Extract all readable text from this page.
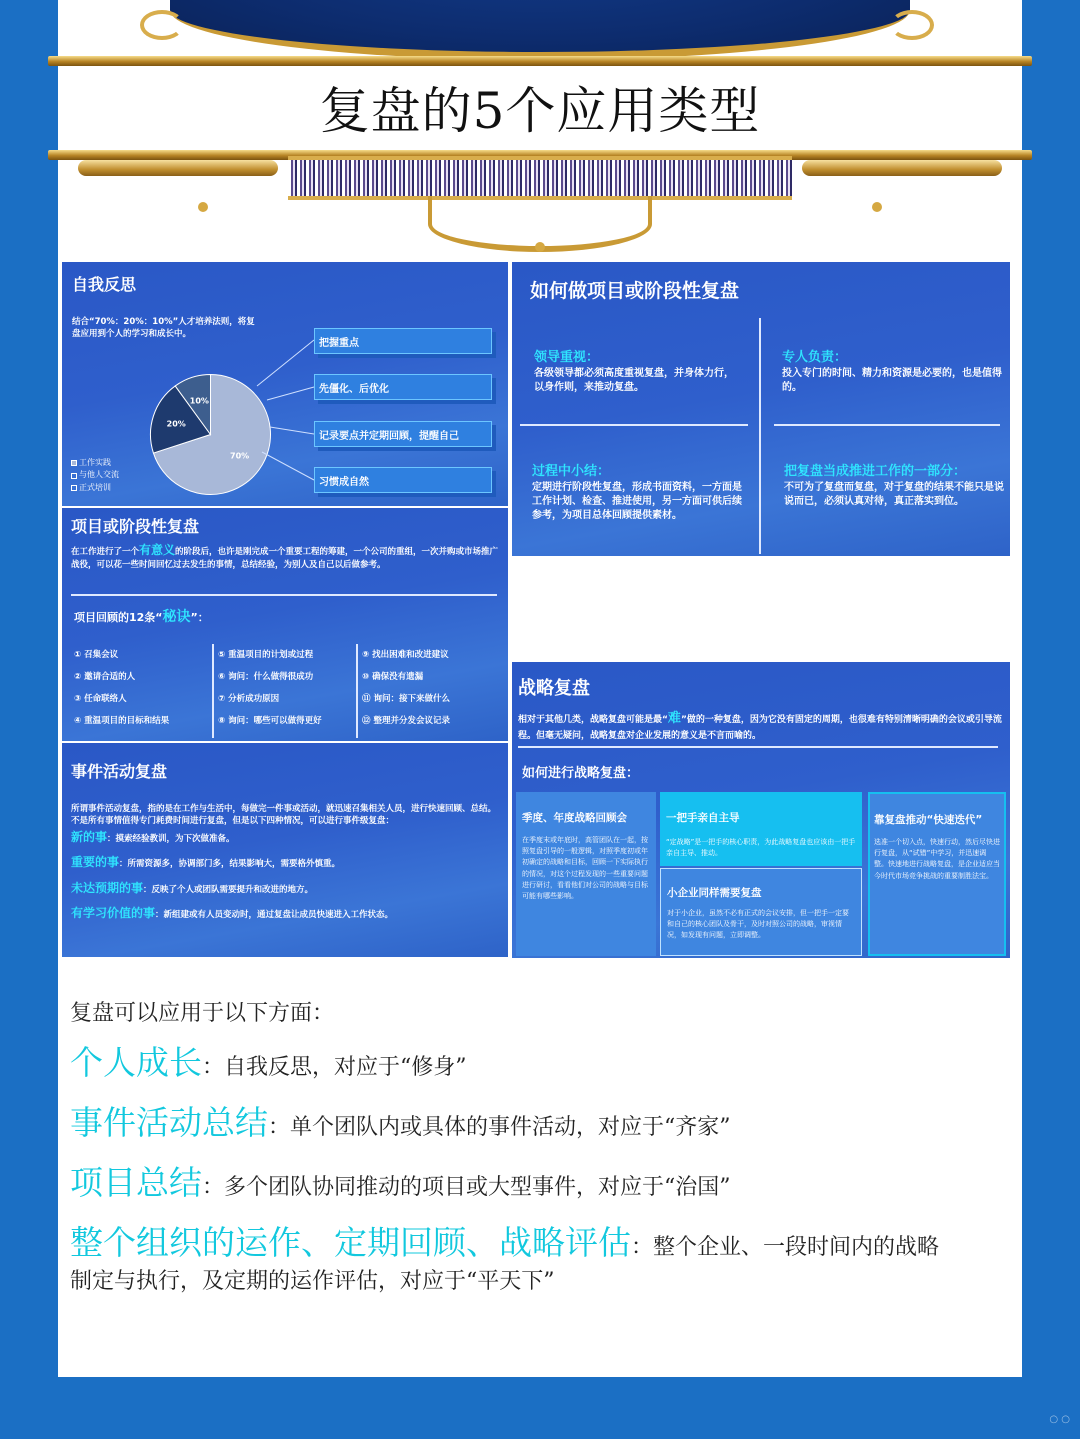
复盘的5个应用类型
自我反思
结合“70%：20%：10%”人才培养法则，将复盘应用到个人的学习和成长中。
70%
20%
10%
工作实践
与他人交流
正式培训
把握重点
先僵化、后优化
记录要点并定期回顾，提醒自己
习惯成自然
项目或阶段性复盘
在工作进行了一个有意义的阶段后，也许是刚完成一个重要工程的筹建，一个公司的重组，一次并购或市场推广战役，可以花一些时间回忆过去发生的事情，总结经验，为别人及自己以后做参考。
项目回顾的12条“秘诀”：
① 召集会议
② 邀请合适的人
③ 任命联络人
④ 重温项目的目标和结果
⑤ 重温项目的计划或过程
⑥ 询问：什么做得很成功
⑦ 分析成功原因
⑧ 询问：哪些可以做得更好
⑨ 找出困难和改进建议
⑩ 确保没有遗漏
⑪ 询问：接下来做什么
⑫ 整理并分发会议记录
事件活动复盘
所谓事件活动复盘，指的是在工作与生活中，每做完一件事或活动，就迅速召集相关人员，进行快速回顾、总结。不是所有事情值得专门耗费时间进行复盘，但是以下四种情况，可以进行事件级复盘：
新的事：摸索经验教训，为下次做准备。
重要的事：所需资源多，协调部门多，结果影响大，需要格外慎重。
未达预期的事：反映了个人或团队需要提升和改进的地方。
有学习价值的事：新组建或有人员变动时，通过复盘让成员快速进入工作状态。
如何做项目或阶段性复盘
领导重视：
各级领导都必须高度重视复盘，并身体力行，以身作则，来推动复盘。
专人负责：
投入专门的时间、精力和资源是必要的，也是值得的。
过程中小结：
定期进行阶段性复盘，形成书面资料，一方面是工作计划、检查、推进使用，另一方面可供后续参考，为项目总体回顾提供素材。
把复盘当成推进工作的一部分：
不可为了复盘而复盘，对于复盘的结果不能只是说说而已，必须认真对待，真正落实到位。
战略复盘
相对于其他几类，战略复盘可能是最“难”做的一种复盘，因为它没有固定的周期，也很难有特别清晰明确的会议或引导流程。但毫无疑问，战略复盘对企业发展的意义是不言而喻的。
如何进行战略复盘：
季度、年度战略回顾会
在季度末或年底时，高管团队在一起，按照复盘引导的一般逻辑，对照季度初或年初确定的战略和目标，回顾一下实际执行的情况，对这个过程发现的一些重要问题进行研讨，看看他们对公司的战略与目标可能有哪些影响。
一把手亲自主导
“定战略”是一把手的核心职责，为此战略复盘也应该由一把手亲自主导、推动。
小企业同样需要复盘
对于小企业，虽然不必有正式的会议安排，但一把手一定要和自己的核心团队及骨干，及时对照公司的战略，审视情况，如发现有问题，立即调整。
靠复盘推动“快速迭代”
选准一个切入点，快速行动，然后尽快进行复盘，从“试错”中学习，并迅速调整。快速地进行战略复盘，是企业适应当今时代市场竞争挑战的重要制胜法宝。
复盘可以应用于以下方面：
个人成长：自我反思，对应于“修身”
事件活动总结：单个团队内或具体的事件活动，对应于“齐家”
项目总结：多个团队协同推动的项目或大型事件，对应于“治国”
整个组织的运作、定期回顾、战略评估：整个企业、一段时间内的战略
制定与执行，及定期的运作评估，对应于“平天下”
○ ○
